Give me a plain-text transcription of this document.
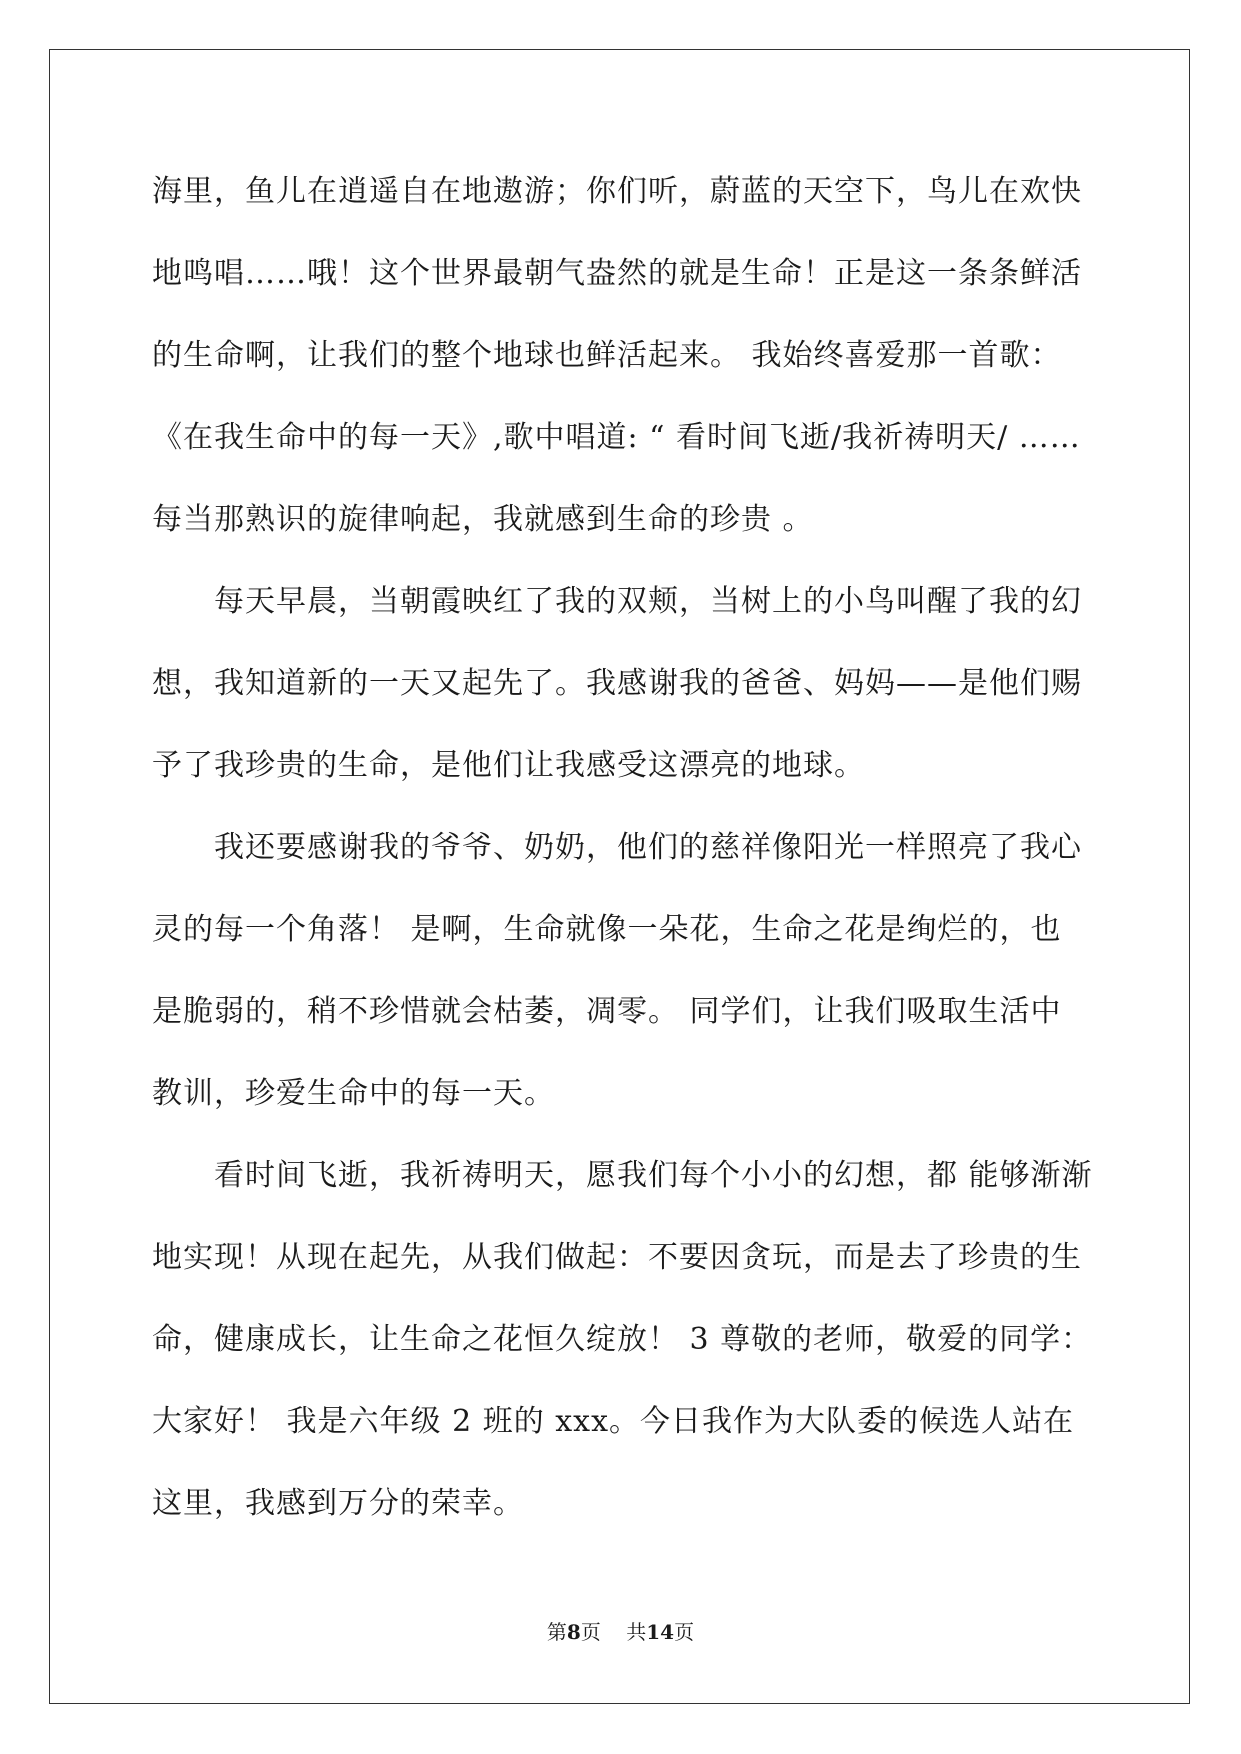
海里，鱼儿在逍遥自在地遨游；你们听，蔚蓝的天空下，鸟儿在欢快
地鸣唱……哦！这个世界最朝气盎然的就是生命！正是这一条条鲜活
的生命啊，让我们的整个地球也鲜活起来。 我始终喜爱那一首歌：
《在我生命中的每一天》,歌中唱道: “ 看时间飞逝/我祈祷明天/ ……
每当那熟识的旋律响起，我就感到生命的珍贵 。
每天早晨，当朝霞映红了我的双颊，当树上的小鸟叫醒了我的幻
想，我知道新的一天又起先了。我感谢我的爸爸、妈妈——是他们赐
予了我珍贵的生命，是他们让我感受这漂亮的地球。
我还要感谢我的爷爷、奶奶，他们的慈祥像阳光一样照亮了我心
灵的每一个角落！ 是啊，生命就像一朵花，生命之花是绚烂的，也
是脆弱的，稍不珍惜就会枯萎，凋零。 同学们，让我们吸取生活中
教训，珍爱生命中的每一天。
看时间飞逝，我祈祷明天，愿我们每个小小的幻想，都 能够渐渐
地实现！从现在起先，从我们做起：不要因贪玩，而是去了珍贵的生
命，健康成长，让生命之花恒久绽放！ 3 尊敬的老师，敬爱的同学：
大家好！ 我是六年级 2 班的 xxx。今日我作为大队委的候选人站在
这里，我感到万分的荣幸。
第8页 共14页
